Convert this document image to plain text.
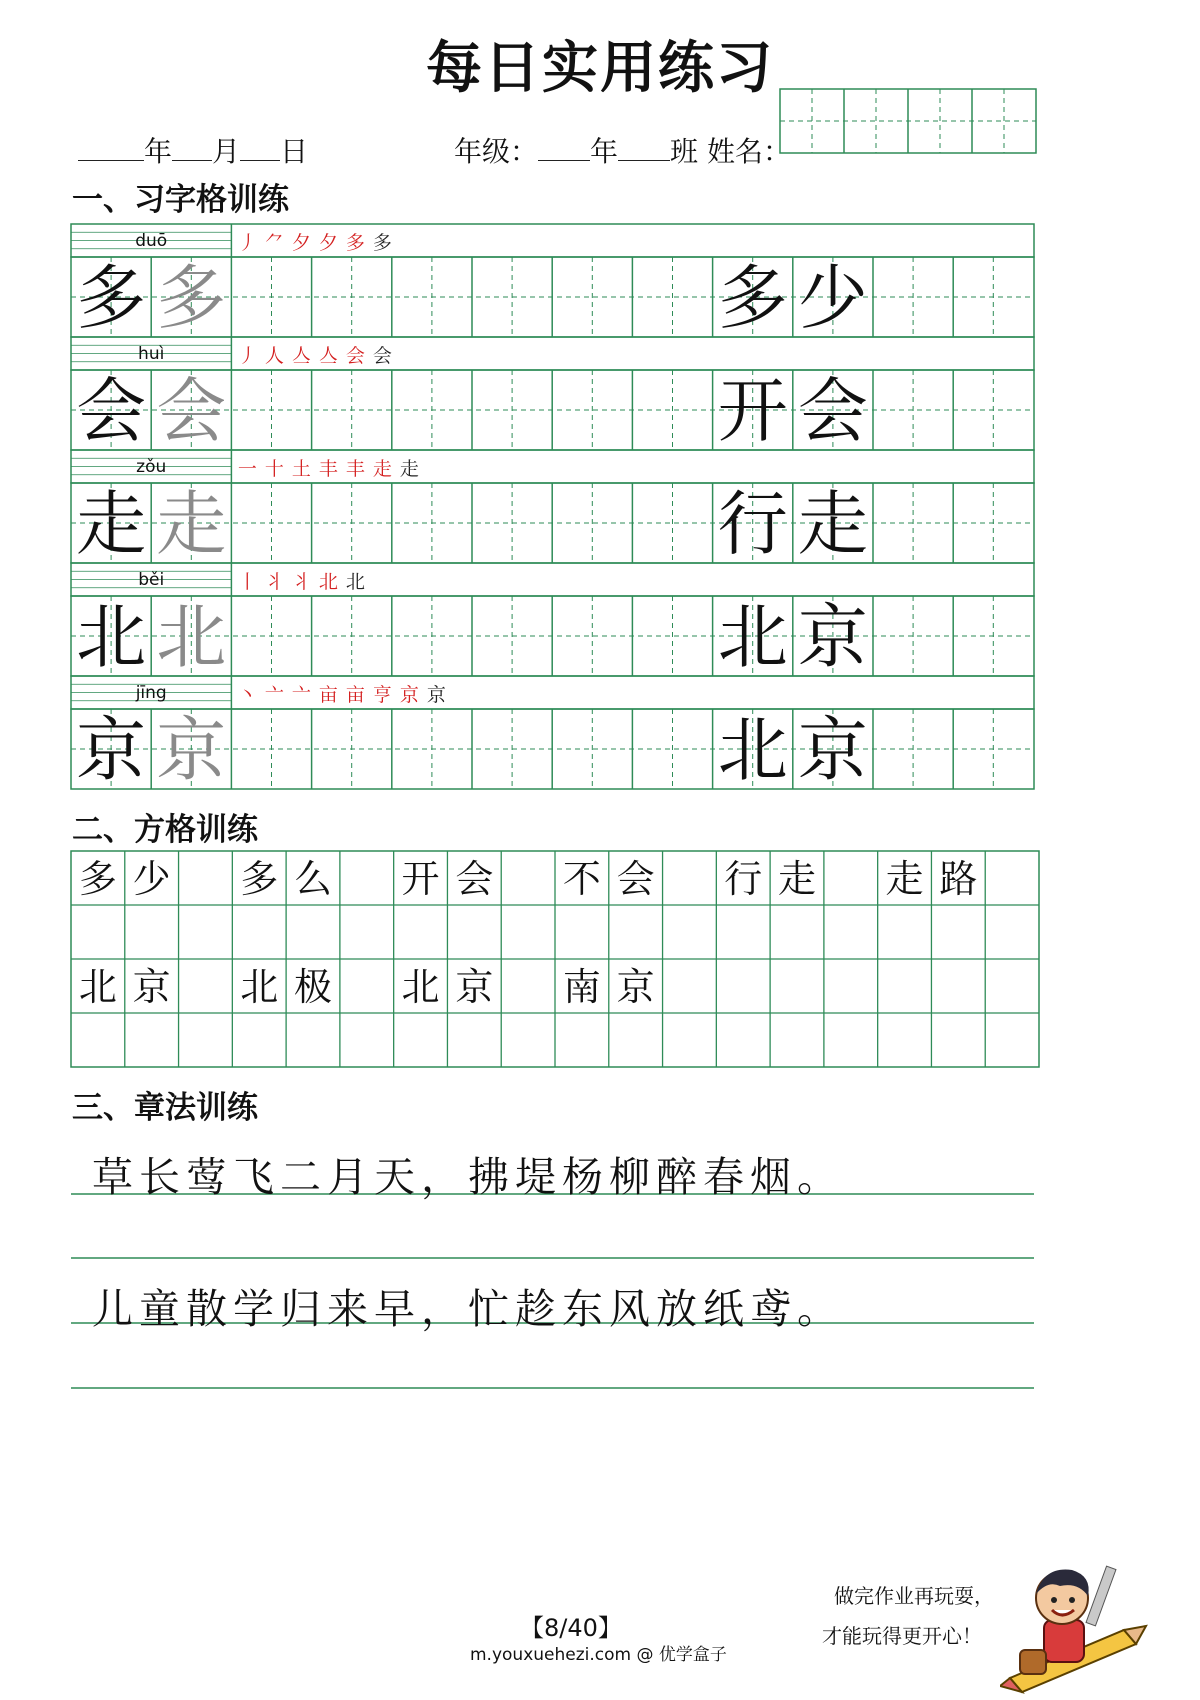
每日实用练习
年 月 日	年级： 年 班 姓名：
一、习字格训练
二、方格训练
三、章法训练
duō	丿 ⺈ 夕 夕 多 多
多 多	多 少
huì	丿 人 亼 亼 会 会
会 会	开 会
zǒu	一 十 土 丰 丰 走 走
走 走	行 走
běi	丨 丬 丬 北 北
北 北	北 京
jīng	丶 亠 亠 亩 亩 亨 京 京
京 京	北 京
多 少 多 么 开 会 不 会 行 走 走 路
北 京 北 极 北 京 南 京
草长莺飞二月天，拂堤杨柳醉春烟。
儿童散学归来早，忙趁东风放纸鸢。
【8/40】
m.youxuehezi.com @ 优学盒子
做完作业再玩耍，
才能玩得更开心！
